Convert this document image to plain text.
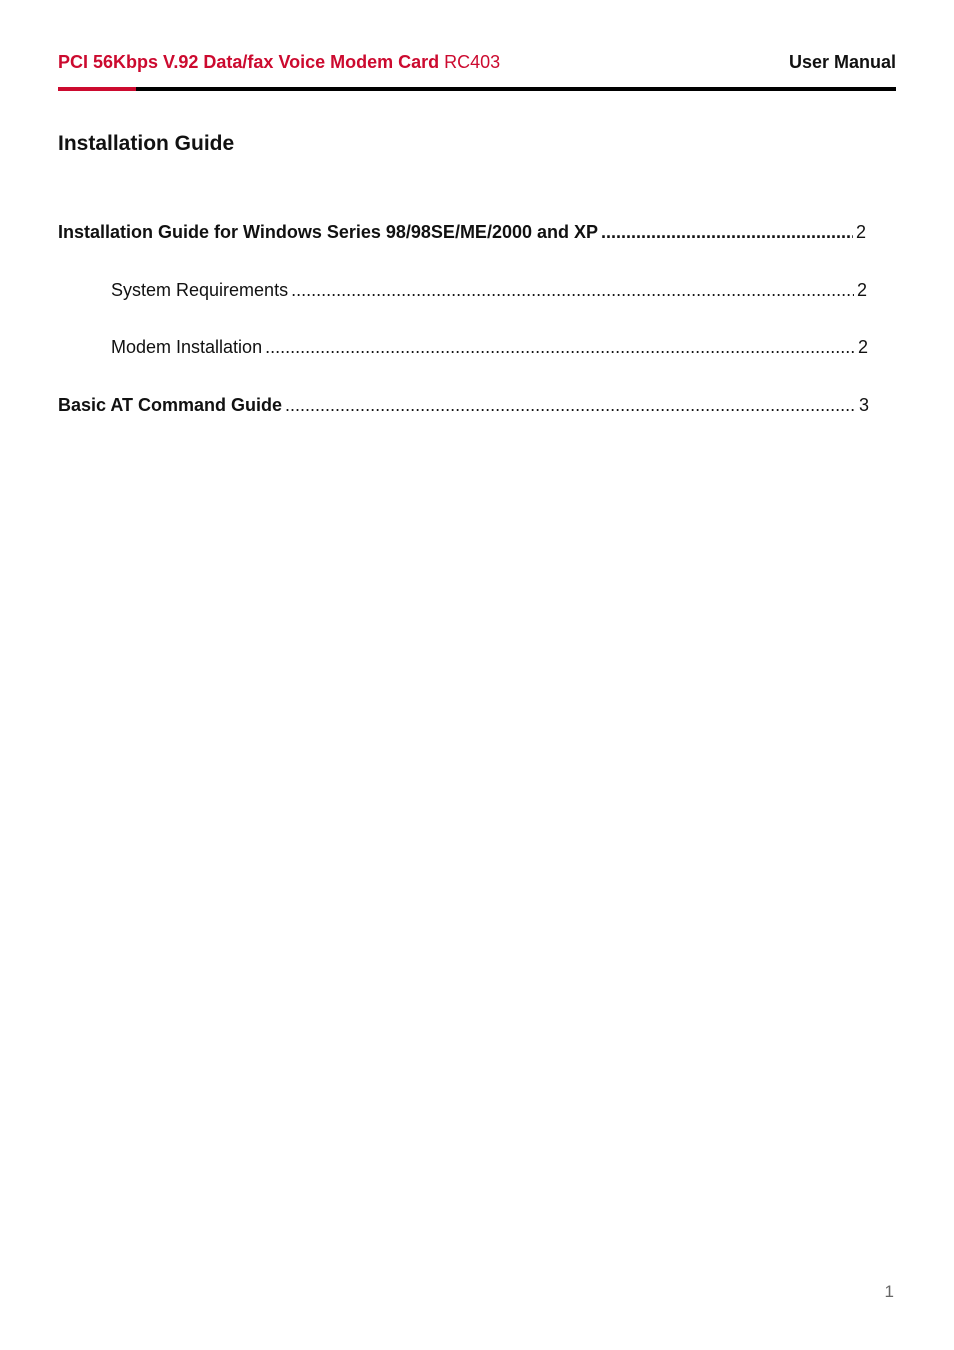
PCI 56Kbps V.92 Data/fax Voice Modem Card RC403	User Manual
Installation Guide
Installation Guide for Windows Series 98/98SE/ME/2000 and XP .....	2
System Requirements .....	2
Modem Installation .....	2
Basic AT Command Guide .....	3
1
